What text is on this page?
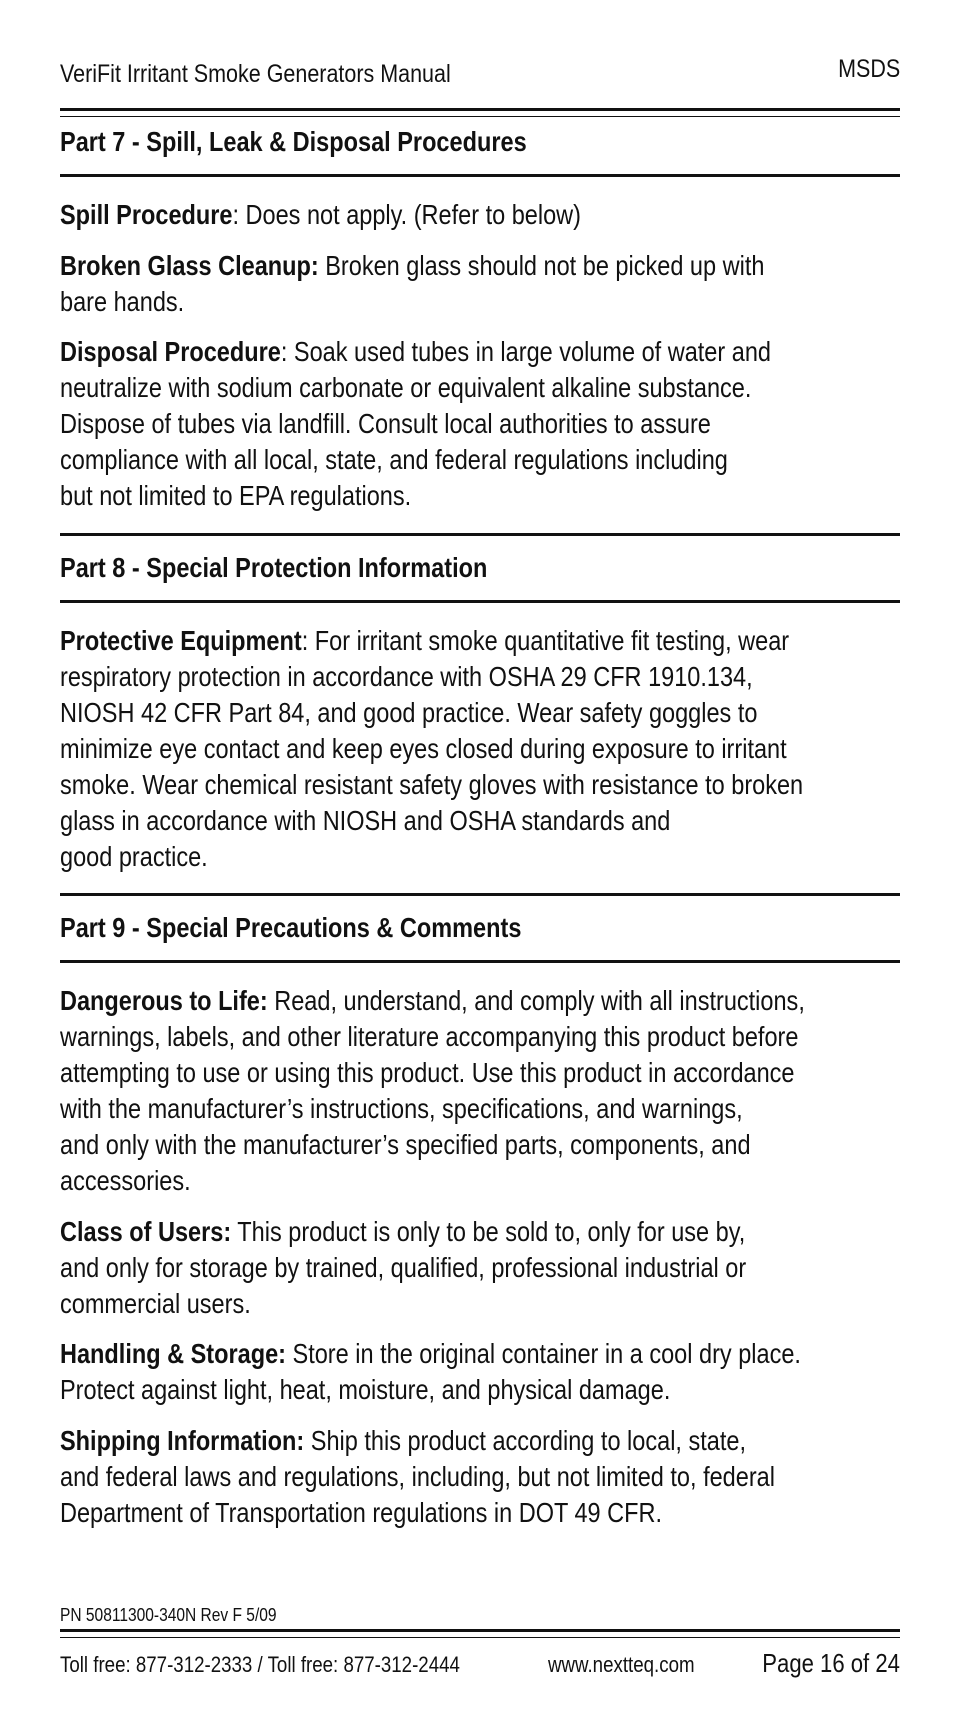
VeriFit Irritant Smoke Generators Manual	MSDS
Part 7 - Spill, Leak & Disposal Procedures
Spill Procedure: Does not apply. (Refer to below)
Broken Glass Cleanup: Broken glass should not be picked up with
bare hands.
Disposal Procedure: Soak used tubes in large volume of water and
neutralize with sodium carbonate or equivalent alkaline substance.
Dispose of tubes via landfill. Consult local authorities to assure
compliance with all local, state, and federal regulations including
but not limited to EPA regulations.
Part 8 - Special Protection Information
Protective Equipment: For irritant smoke quantitative fit testing, wear
respiratory protection in accordance with OSHA 29 CFR 1910.134,
NIOSH 42 CFR Part 84, and good practice. Wear safety goggles to
minimize eye contact and keep eyes closed during exposure to irritant
smoke. Wear chemical resistant safety gloves with resistance to broken
glass in accordance with NIOSH and OSHA standards and
good practice.
Part 9 - Special Precautions & Comments
Dangerous to Life: Read, understand, and comply with all instructions,
warnings, labels, and other literature accompanying this product before
attempting to use or using this product. Use this product in accordance
with the manufacturer’s instructions, specifications, and warnings,
and only with the manufacturer’s specified parts, components, and
accessories.
Class of Users: This product is only to be sold to, only for use by,
and only for storage by trained, qualified, professional industrial or
commercial users.
Handling & Storage: Store in the original container in a cool dry place.
Protect against light, heat, moisture, and physical damage.
Shipping Information: Ship this product according to local, state,
and federal laws and regulations, including, but not limited to, federal
Department of Transportation regulations in DOT 49 CFR.
PN 50811300-340N Rev F 5/09
Toll free: 877-312-2333 / Toll free: 877-312-2444	www.nextteq.com	Page 16 of 24
